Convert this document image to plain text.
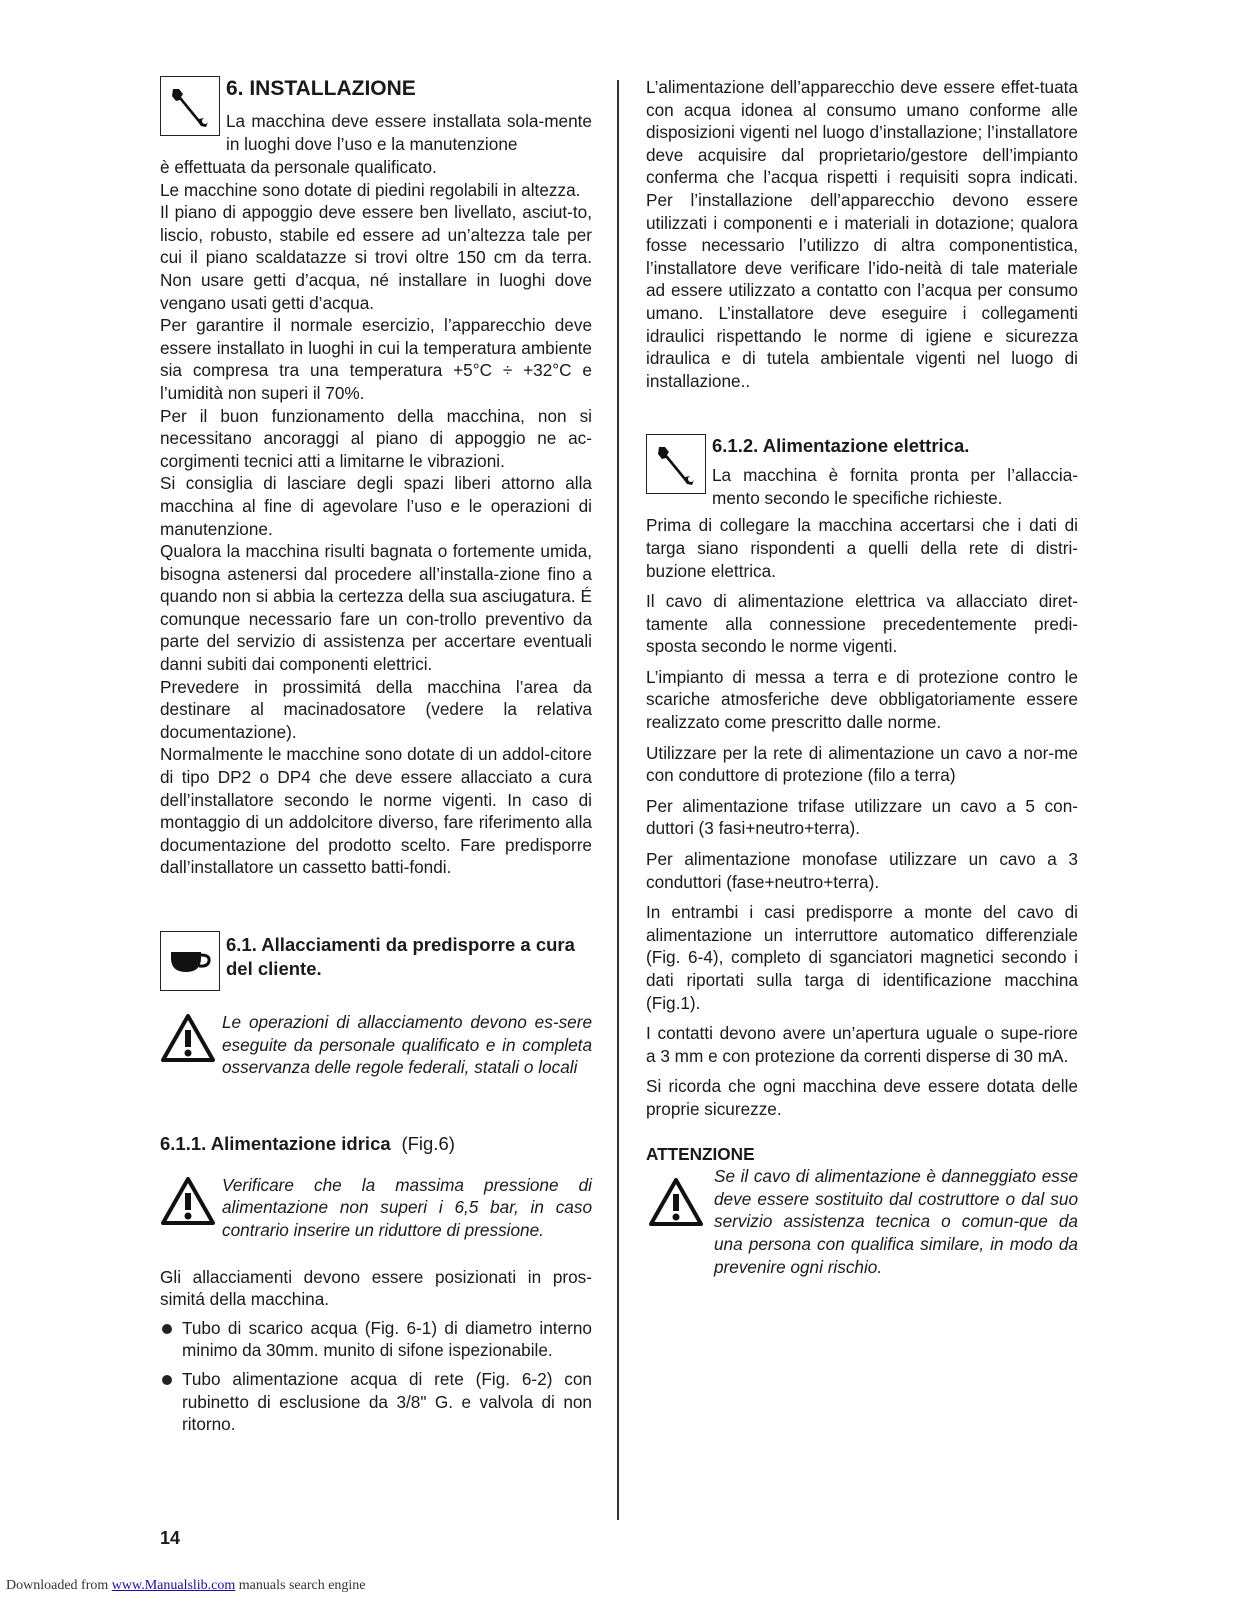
6. INSTALLAZIONE

La macchina deve essere installata sola-mente in luoghi dove l’uso e la manutenzione

è effettuata da personale qualificato.

Le macchine sono dotate di piedini regolabili in altezza.

Il piano di appoggio deve essere ben livellato, asciut-to, liscio, robusto, stabile ed essere ad un’altezza tale per cui il piano scaldatazze si trovi oltre 150 cm da terra. Non usare getti d’acqua, né installare in luoghi dove vengano usati getti d’acqua.

Per garantire il normale esercizio, l’apparecchio deve essere installato in luoghi in cui la temperatura ambiente sia compresa tra una temperatura +5°C ÷ +32°C e l’umidità non superi il 70%.

Per il buon funzionamento della macchina, non si necessitano ancoraggi al piano di appoggio ne ac-corgimenti tecnici atti a limitarne le vibrazioni.

Si consiglia di lasciare degli spazi liberi attorno alla macchina al fine di agevolare l’uso e le operazioni di manutenzione.

Qualora la macchina risulti bagnata o fortemente umida, bisogna astenersi dal procedere all’installa-zione fino a quando non si abbia la certezza della sua asciugatura. É comunque necessario fare un con-trollo preventivo da parte del servizio di assistenza per accertare eventuali danni subiti dai componenti elettrici.

Prevedere in prossimitá della macchina l’area da destinare al macinadosatore (vedere la relativa documentazione).

Normalmente le macchine sono dotate di un addol-citore di tipo DP2 o DP4 che deve essere allacciato a cura dell’installatore secondo le norme vigenti. In caso di montaggio di un addolcitore diverso, fare riferimento alla documentazione del prodotto scelto. Fare predisporre dall’installatore un cassetto batti-fondi.

6.1. Allacciamenti da predisporre a cura del cliente.

Le operazioni di allacciamento devono es-sere eseguite da personale qualificato e in completa osservanza delle regole federali, statali o locali

6.1.1. Alimentazione idrica (Fig.6)

Verificare che la massima pressione di alimentazione non superi i 6,5 bar, in caso contrario inserire un riduttore di pressione.

Gli allacciamenti devono essere posizionati in pros-simitá della macchina.

Tubo di scarico acqua (Fig. 6-1) di diametro interno minimo da 30mm. munito di sifone ispezionabile.
Tubo alimentazione acqua di rete (Fig. 6-2) con rubinetto di esclusione da 3/8" G. e valvola di non ritorno.

L’alimentazione dell’apparecchio deve essere effet-tuata con acqua idonea al consumo umano conforme alle disposizioni vigenti nel luogo d’installazione; l’installatore deve acquisire dal proprietario/gestore dell’impianto conferma che l’acqua rispetti i requisiti sopra indicati. Per l’installazione dell’apparecchio devono essere utilizzati i componenti e i materiali in dotazione; qualora fosse necessario l’utilizzo di altra componentistica, l’installatore deve verificare l’ido-neità di tale materiale ad essere utilizzato a contatto con l’acqua per consumo umano. L’installatore deve eseguire i collegamenti idraulici rispettando le norme di igiene e sicurezza idraulica e di tutela ambientale vigenti nel luogo di installazione..

6.1.2. Alimentazione elettrica.

La macchina è fornita pronta per l’allaccia-mento secondo le specifiche richieste.

Prima di collegare la macchina accertarsi che i dati di targa siano rispondenti a quelli della rete di distri-buzione elettrica.

Il cavo di alimentazione elettrica va allacciato diret-tamente alla connessione precedentemente predi-sposta secondo le norme vigenti.

L’impianto di messa a terra e di protezione contro le scariche atmosferiche deve obbligatoriamente essere realizzato come prescritto dalle norme.

Utilizzare per la rete di alimentazione un cavo a nor-me con conduttore di protezione (filo a terra)

Per alimentazione trifase utilizzare un cavo a 5 con-duttori (3 fasi+neutro+terra).

Per alimentazione monofase utilizzare un cavo a 3 conduttori (fase+neutro+terra).

In entrambi i casi predisporre a monte del cavo di alimentazione un interruttore automatico differenziale (Fig. 6-4), completo di sganciatori magnetici secondo i dati riportati sulla targa di identificazione macchina (Fig.1).

I contatti devono avere un’apertura uguale o supe-riore a 3 mm e con protezione da correnti disperse di 30 mA.

Si ricorda che ogni macchina deve essere dotata delle proprie sicurezze.

ATTENZIONE

Se il cavo di alimentazione è danneggiato esse deve essere sostituito dal costruttore o dal suo servizio assistenza tecnica o comun-que da una persona con qualifica similare, in modo da prevenire ogni rischio.

14
Downloaded from www.Manualslib.com manuals search engine
